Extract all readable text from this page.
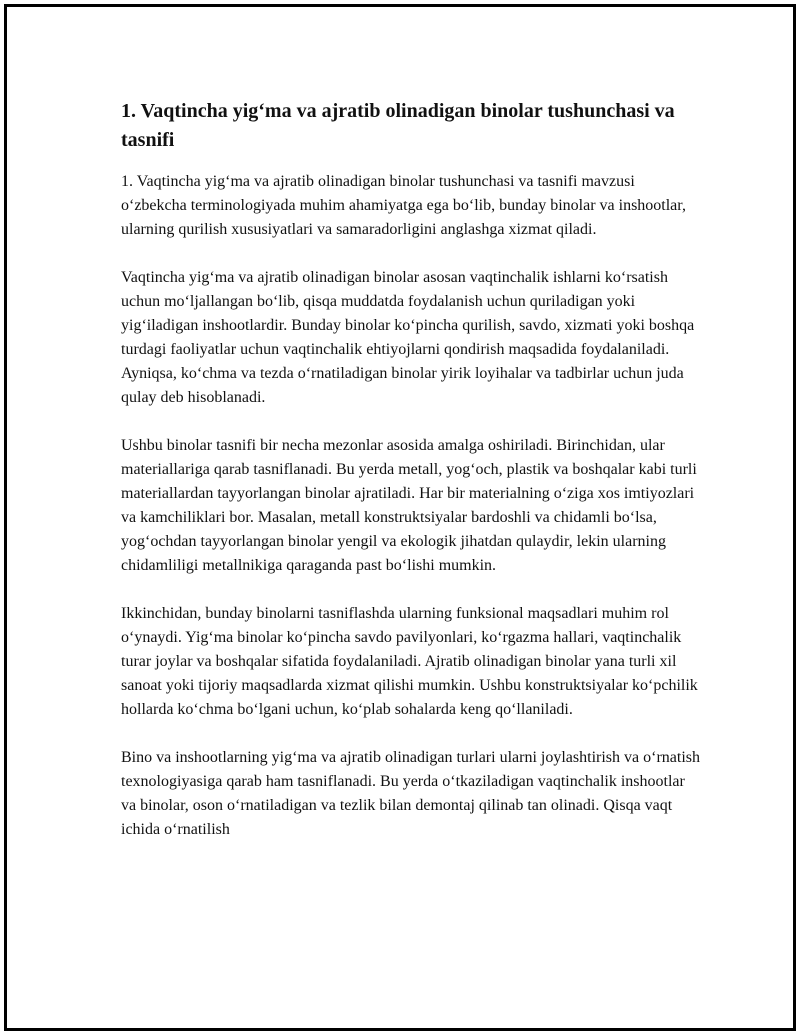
1. Vaqtincha yig‘ma va ajratib olinadigan binolar tushunchasi va tasnifi

1. Vaqtincha yig‘ma va ajratib olinadigan binolar tushunchasi va tasnifi mavzusi o‘zbekcha terminologiyada muhim ahamiyatga ega bo‘lib, bunday binolar va inshootlar, ularning qurilish xususiyatlari va samaradorligini anglashga xizmat qiladi.

Vaqtincha yig‘ma va ajratib olinadigan binolar asosan vaqtinchalik ishlarni ko‘rsatish uchun mo‘ljallangan bo‘lib, qisqa muddatda foydalanish uchun quriladigan yoki yig‘iladigan inshootlardir. Bunday binolar ko‘pincha qurilish, savdo, xizmati yoki boshqa turdagi faoliyatlar uchun vaqtinchalik ehtiyojlarni qondirish maqsadida foydalaniladi. Ayniqsa, ko‘chma va tezda o‘rnatiladigan binolar yirik loyihalar va tadbirlar uchun juda qulay deb hisoblanadi.

Ushbu binolar tasnifi bir necha mezonlar asosida amalga oshiriladi. Birinchidan, ular materiallariga qarab tasniflanadi. Bu yerda metall, yog‘och, plastik va boshqalar kabi turli materiallardan tayyorlangan binolar ajratiladi. Har bir materialning o‘ziga xos imtiyozlari va kamchiliklari bor. Masalan, metall konstruktsiyalar bardoshli va chidamli bo‘lsa, yog‘ochdan tayyorlangan binolar yengil va ekologik jihatdan qulaydir, lekin ularning chidamliligi metallnikiga qaraganda past bo‘lishi mumkin.

Ikkinchidan, bunday binolarni tasniflashda ularning funksional maqsadlari muhim rol o‘ynaydi. Yig‘ma binolar ko‘pincha savdo pavilyonlari, ko‘rgazma hallari, vaqtinchalik turar joylar va boshqalar sifatida foydalaniladi. Ajratib olinadigan binolar yana turli xil sanoat yoki tijoriy maqsadlarda xizmat qilishi mumkin. Ushbu konstruktsiyalar ko‘pchilik hollarda ko‘chma bo‘lgani uchun, ko‘plab sohalarda keng qo‘llaniladi.

Bino va inshootlarning yig‘ma va ajratib olinadigan turlari ularni joylashtirish va o‘rnatish texnologiyasiga qarab ham tasniflanadi. Bu yerda o‘tkaziladigan vaqtinchalik inshootlar va binolar, oson o‘rnatiladigan va tezlik bilan demontaj qilinab tan olinadi. Qisqa vaqt ichida o‘rnatilish
